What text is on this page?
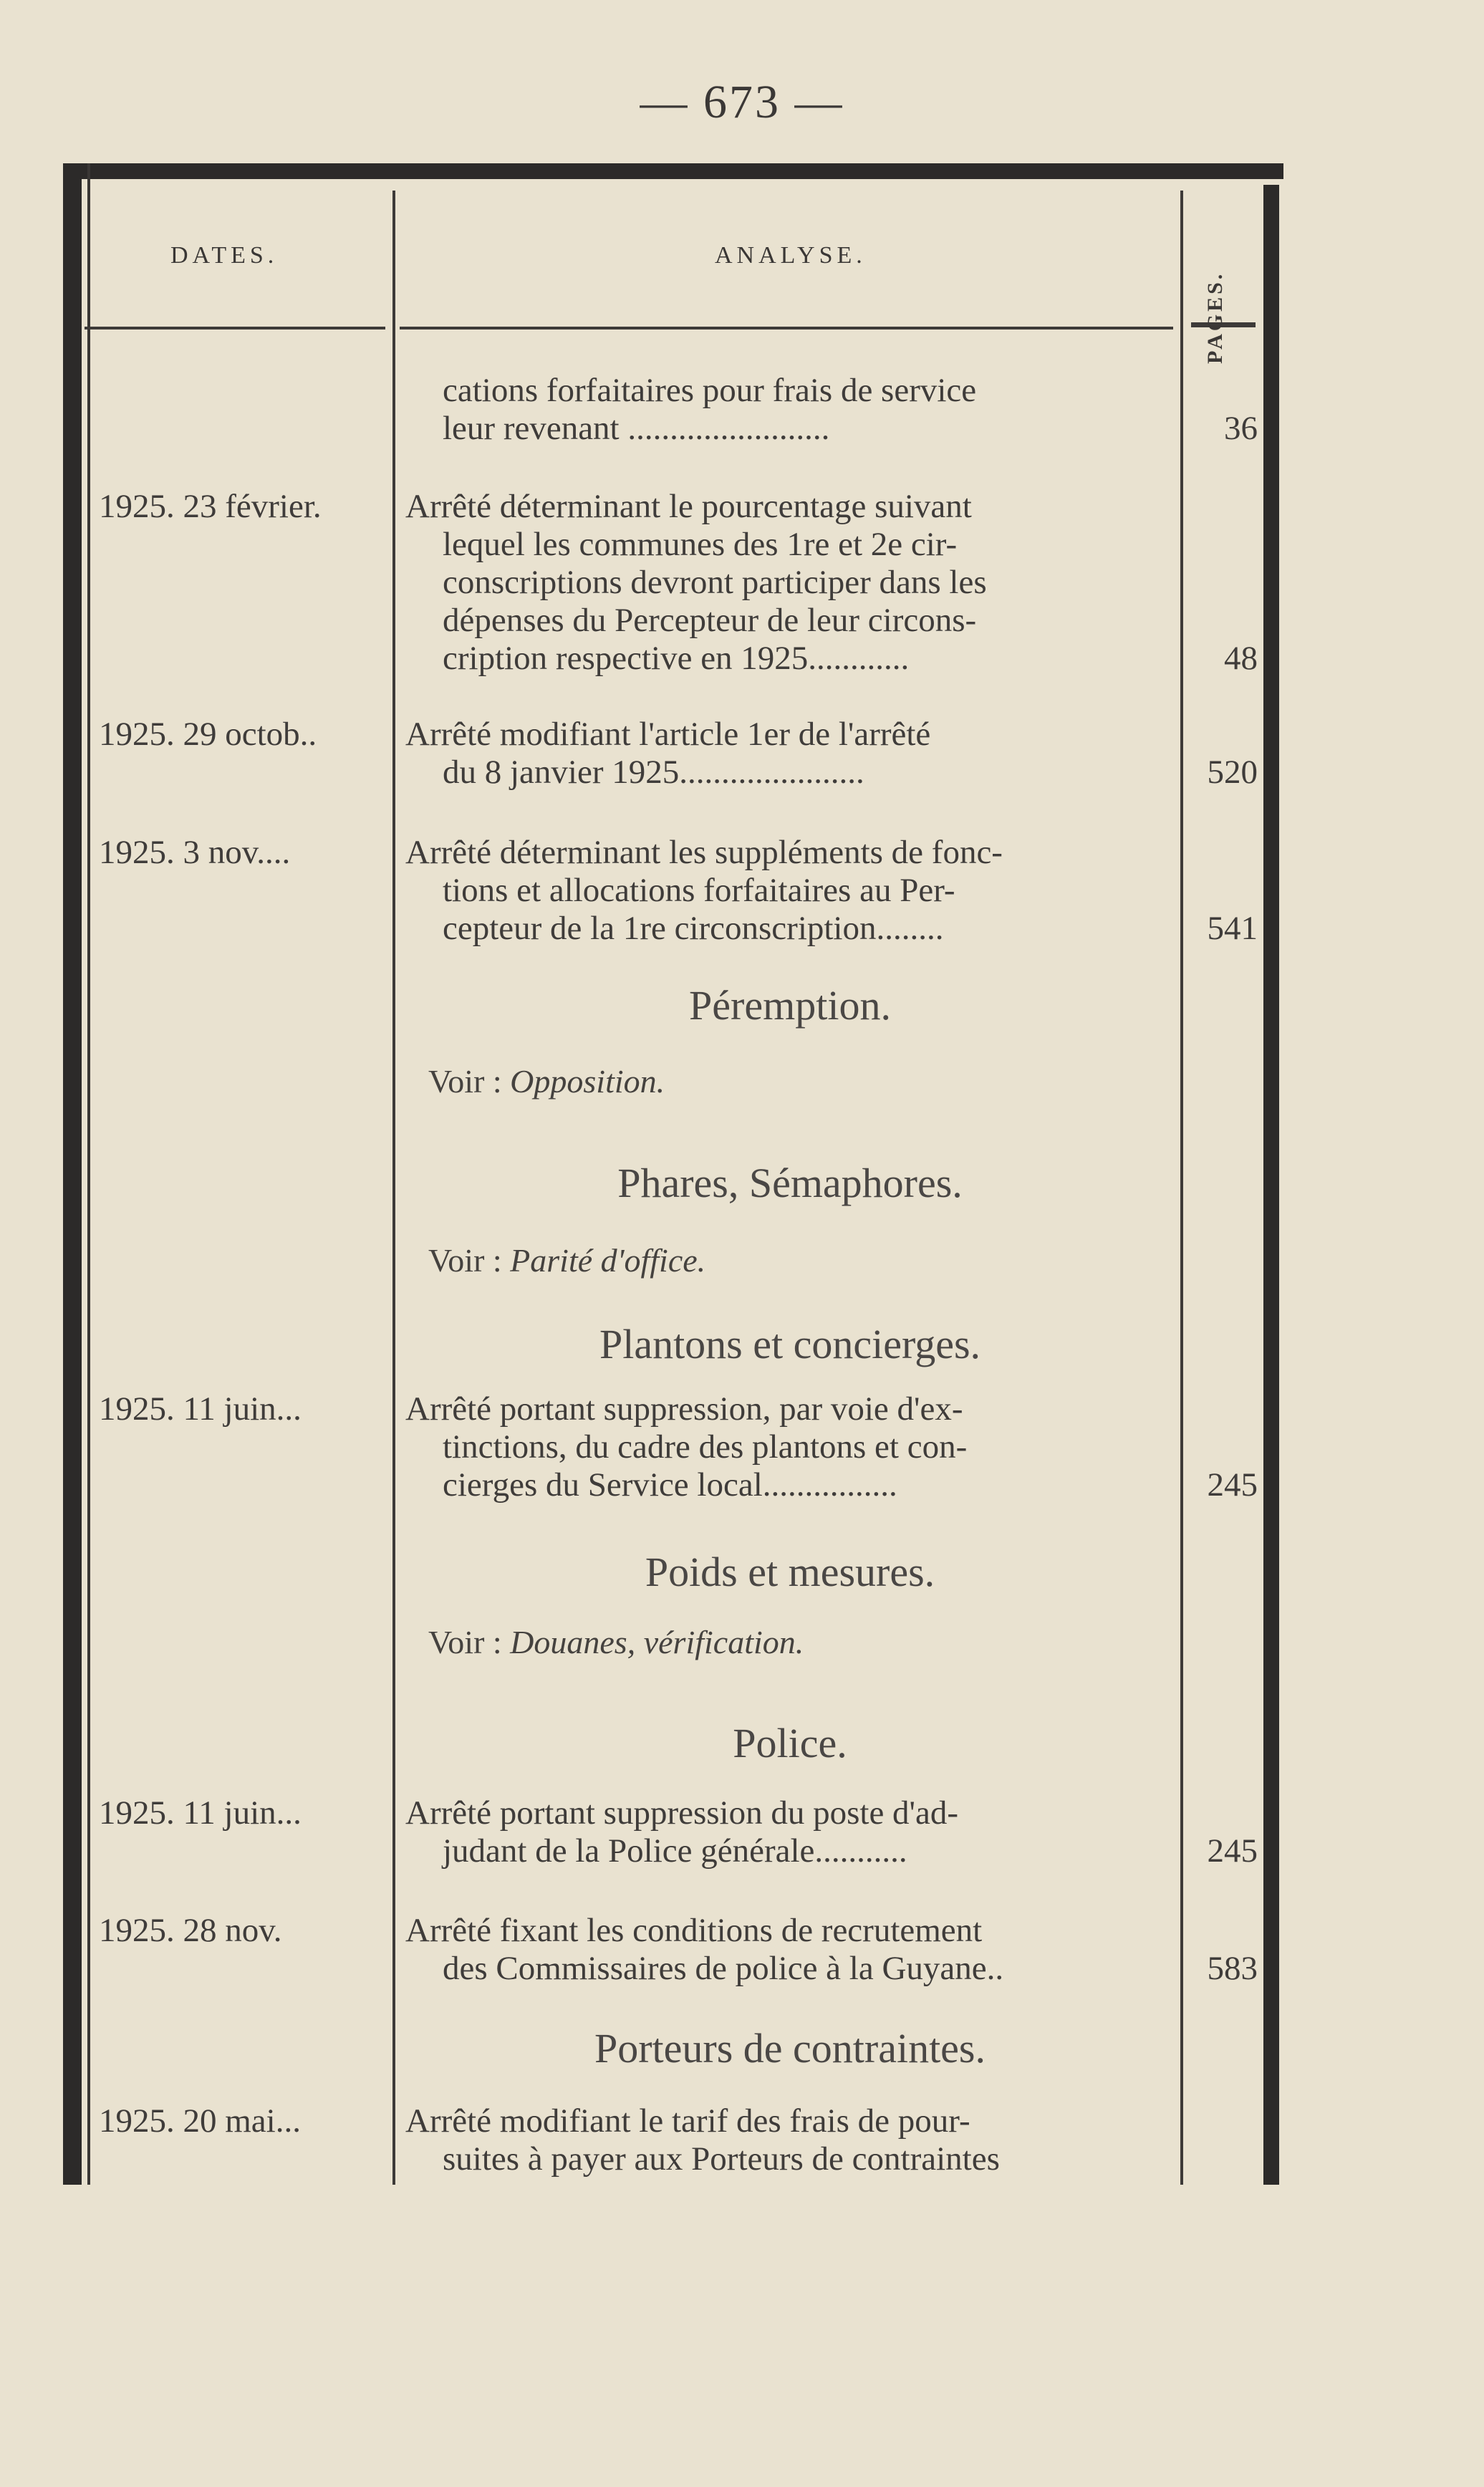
— 673 —
DATES.	ANALYSE.
PAGES.
cations forfaitaires pour frais de service
leur revenant ........................	36
1925. 23 février. Arrêté déterminant le pourcentage suivant
lequel les communes des 1re et 2e cir-
conscriptions devront participer dans les
dépenses du Percepteur de leur circons-
cription respective en 1925............	48
1925. 29 octob..	Arrêté modifiant l'article 1er de l'arrêté
du 8 janvier 1925......................	520
1925. 3 nov....	Arrêté déterminant les suppléments de fonc-
tions et allocations forfaitaires au Per-
cepteur de la 1re circonscription........	541
Péremption.
Voir : Opposition.
Phares, Sémaphores.
Voir : Parité d'office.
Plantons et concierges.
1925. 11 juin...	Arrêté portant suppression, par voie d'ex-
tinctions, du cadre des plantons et con-
cierges du Service local................	245
Poids et mesures.
Voir : Douanes, vérification.
Police.
1925. 11 juin...	Arrêté portant suppression du poste d'ad-
judant de la Police générale...........	245
1925. 28 nov.	Arrêté fixant les conditions de recrutement
des Commissaires de police à la Guyane..	583
Porteurs de contraintes.
1925. 20 mai...	Arrêté modifiant le tarif des frais de pour-
suites à payer aux Porteurs de contraintes
